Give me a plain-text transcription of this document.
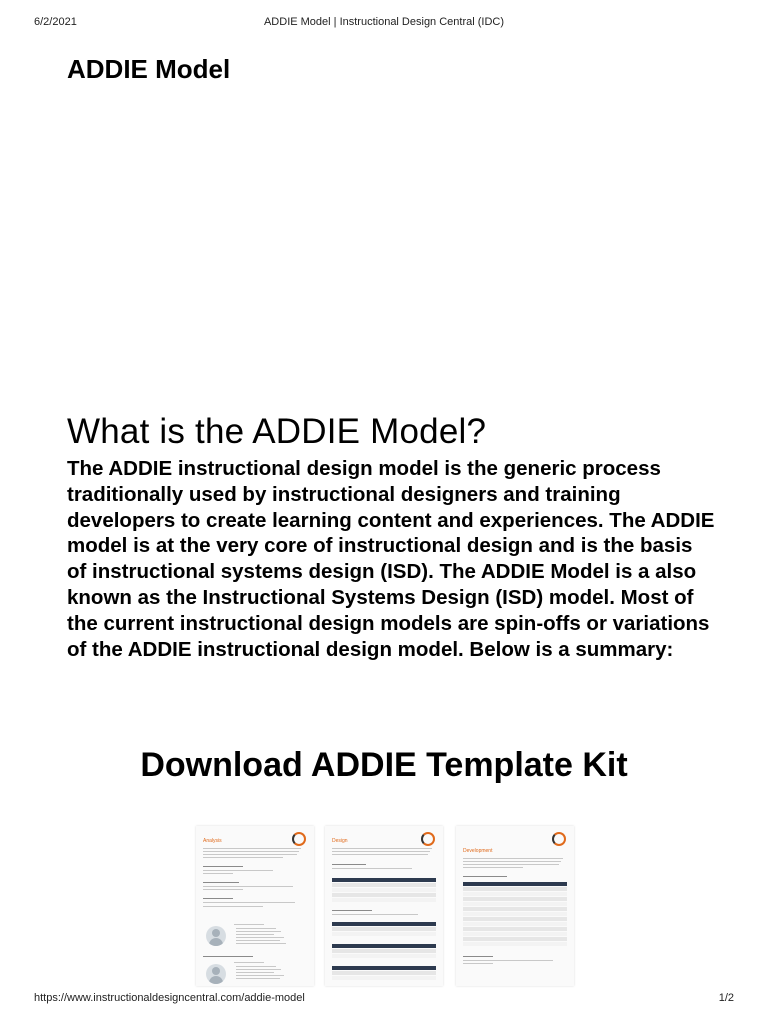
6/2/2021	ADDIE Model | Instructional Design Central (IDC)
ADDIE Model
What is the ADDIE Model?

The ADDIE instructional design model is the generic process traditionally used by instructional designers and training developers to create learning content and experiences. The ADDIE model is at the very core of instructional design and is the basis of instructional systems design (ISD). The ADDIE Model is a also known as the Instructional Systems Design (ISD) model. Most of the current instructional design models are spin-offs or variations of the ADDIE instructional design model. Below is a summary:

Download ADDIE Template Kit
Analysis	Design
Development
https://www.instructionaldesigncentral.com/addie-model	1/2
